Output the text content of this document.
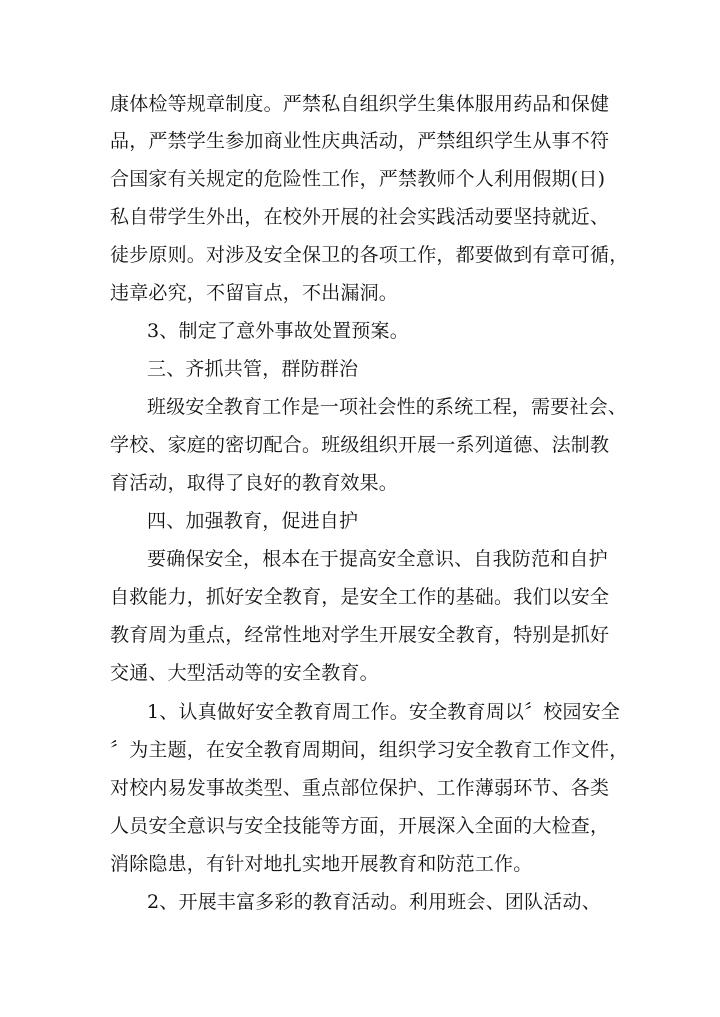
康体检等规章制度。严禁私自组织学生集体服用药品和保健
品，严禁学生参加商业性庆典活动，严禁组织学生从事不符
合国家有关规定的危险性工作，严禁教师个人利用假期(日)
私自带学生外出，在校外开展的社会实践活动要坚持就近、
徒步原则。对涉及安全保卫的各项工作，都要做到有章可循，
违章必究，不留盲点，不出漏洞。
3、制定了意外事故处置预案。
三、齐抓共管，群防群治
班级安全教育工作是一项社会性的系统工程，需要社会、
学校、家庭的密切配合。班级组织开展一系列道德、法制教
育活动，取得了良好的教育效果。
四、加强教育，促进自护
要确保安全，根本在于提高安全意识、自我防范和自护
自救能力，抓好安全教育，是安全工作的基础。我们以安全
教育周为重点，经常性地对学生开展安全教育，特别是抓好
交通、大型活动等的安全教育。
1、认真做好安全教育周工作。安全教育周以〞校园安全
〞为主题，在安全教育周期间，组织学习安全教育工作文件，
对校内易发事故类型、重点部位保护、工作薄弱环节、各类
人员安全意识与安全技能等方面，开展深入全面的大检查，
消除隐患，有针对地扎实地开展教育和防范工作。
2、开展丰富多彩的教育活动。利用班会、团队活动、
